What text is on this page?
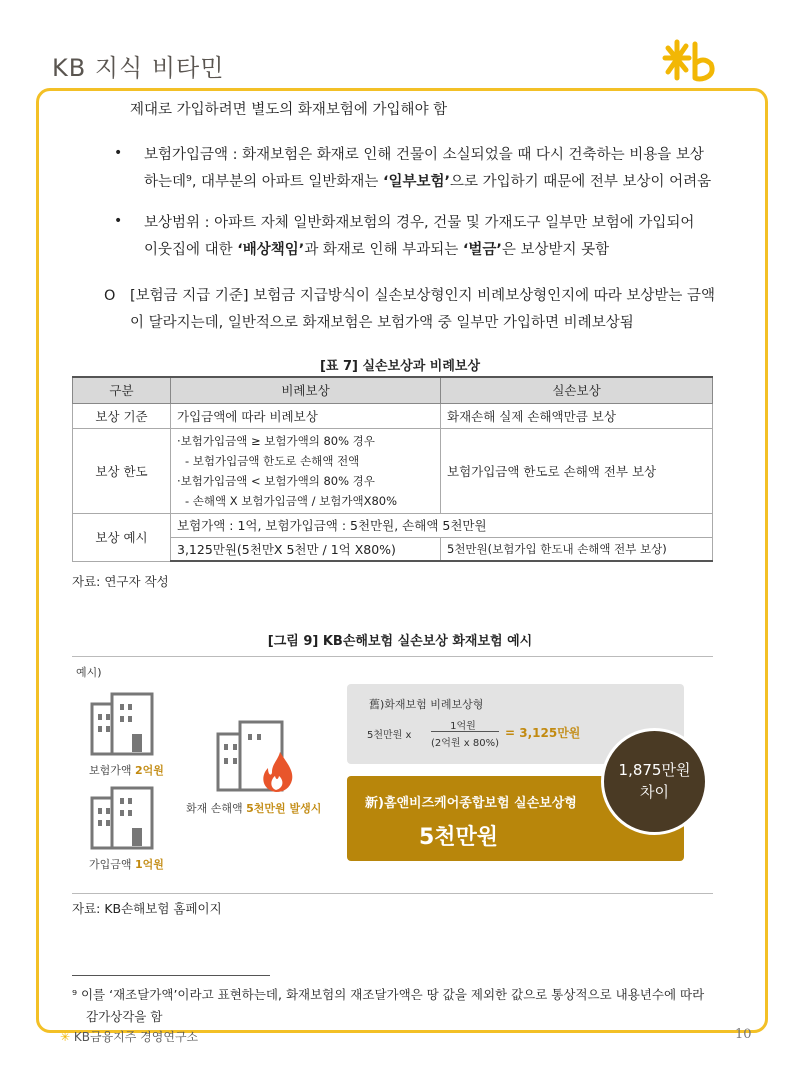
KB 지식 비타민
제대로 가입하려면 별도의 화재보험에 가입해야 함
• 보험가입금액 : 화재보험은 화재로 인해 건물이 소실되었을 때 다시 건축하는 비용을 보상
하는데⁹, 대부분의 아파트 일반화재는 ‘일부보험’으로 가입하기 때문에 전부 보상이 어려움
• 보상범위 : 아파트 자체 일반화재보험의 경우, 건물 및 가재도구 일부만 보험에 가입되어
이웃집에 대한 ‘배상책임’과 화재로 인해 부과되는 ‘벌금’은 보상받지 못함
O [보험금 지급 기준] 보험금 지급방식이 실손보상형인지 비례보상형인지에 따라 보상받는 금액
이 달라지는데, 일반적으로 화재보험은 보험가액 중 일부만 가입하면 비례보상됨
[표 7] 실손보상과 비례보상
구분	비례보상	실손보상
보상 기준	가입금액에 따라 비례보상	화재손해 실제 손해액만큼 보상
보상 한도	·보험가입금액 ≥ 보험가액의 80% 경우
- 보험가입금액 한도로 손해액 전액
·보험가입금액 < 보험가액의 80% 경우
- 손해액 X 보험가입금액 / 보험가액X80%	보험가입금액 한도로 손해액 전부 보상
보상 예시	보험가액 : 1억, 보험가입금액 : 5천만원, 손해액 5천만원	
	3,125만원(5천만X 5천만 / 1억 X80%)	5천만원(보험가입 한도내 손해액 전부 보상)
자료: 연구자 작성
[그림 9] KB손해보험 실손보상 화재보험 예시
예시)
보험가액 2억원
가입금액 1억원
화재 손해액 5천만원 발생시
舊)화재보험 비례보상형
5천만원 x
1억원
(2억원 x 80%)
= 3,125만원
新)홈앤비즈케어종합보험 실손보상형
5천만원
1,875만원
차이
자료: KB손해보험 홈페이지
⁹ 이를 ‘재조달가액’이라고 표현하는데, 화재보험의 재조달가액은 땅 값을 제외한 값으로 통상적으로 내용년수에 따라
감가상각을 함
✳ KB금융지주 경영연구소	10
